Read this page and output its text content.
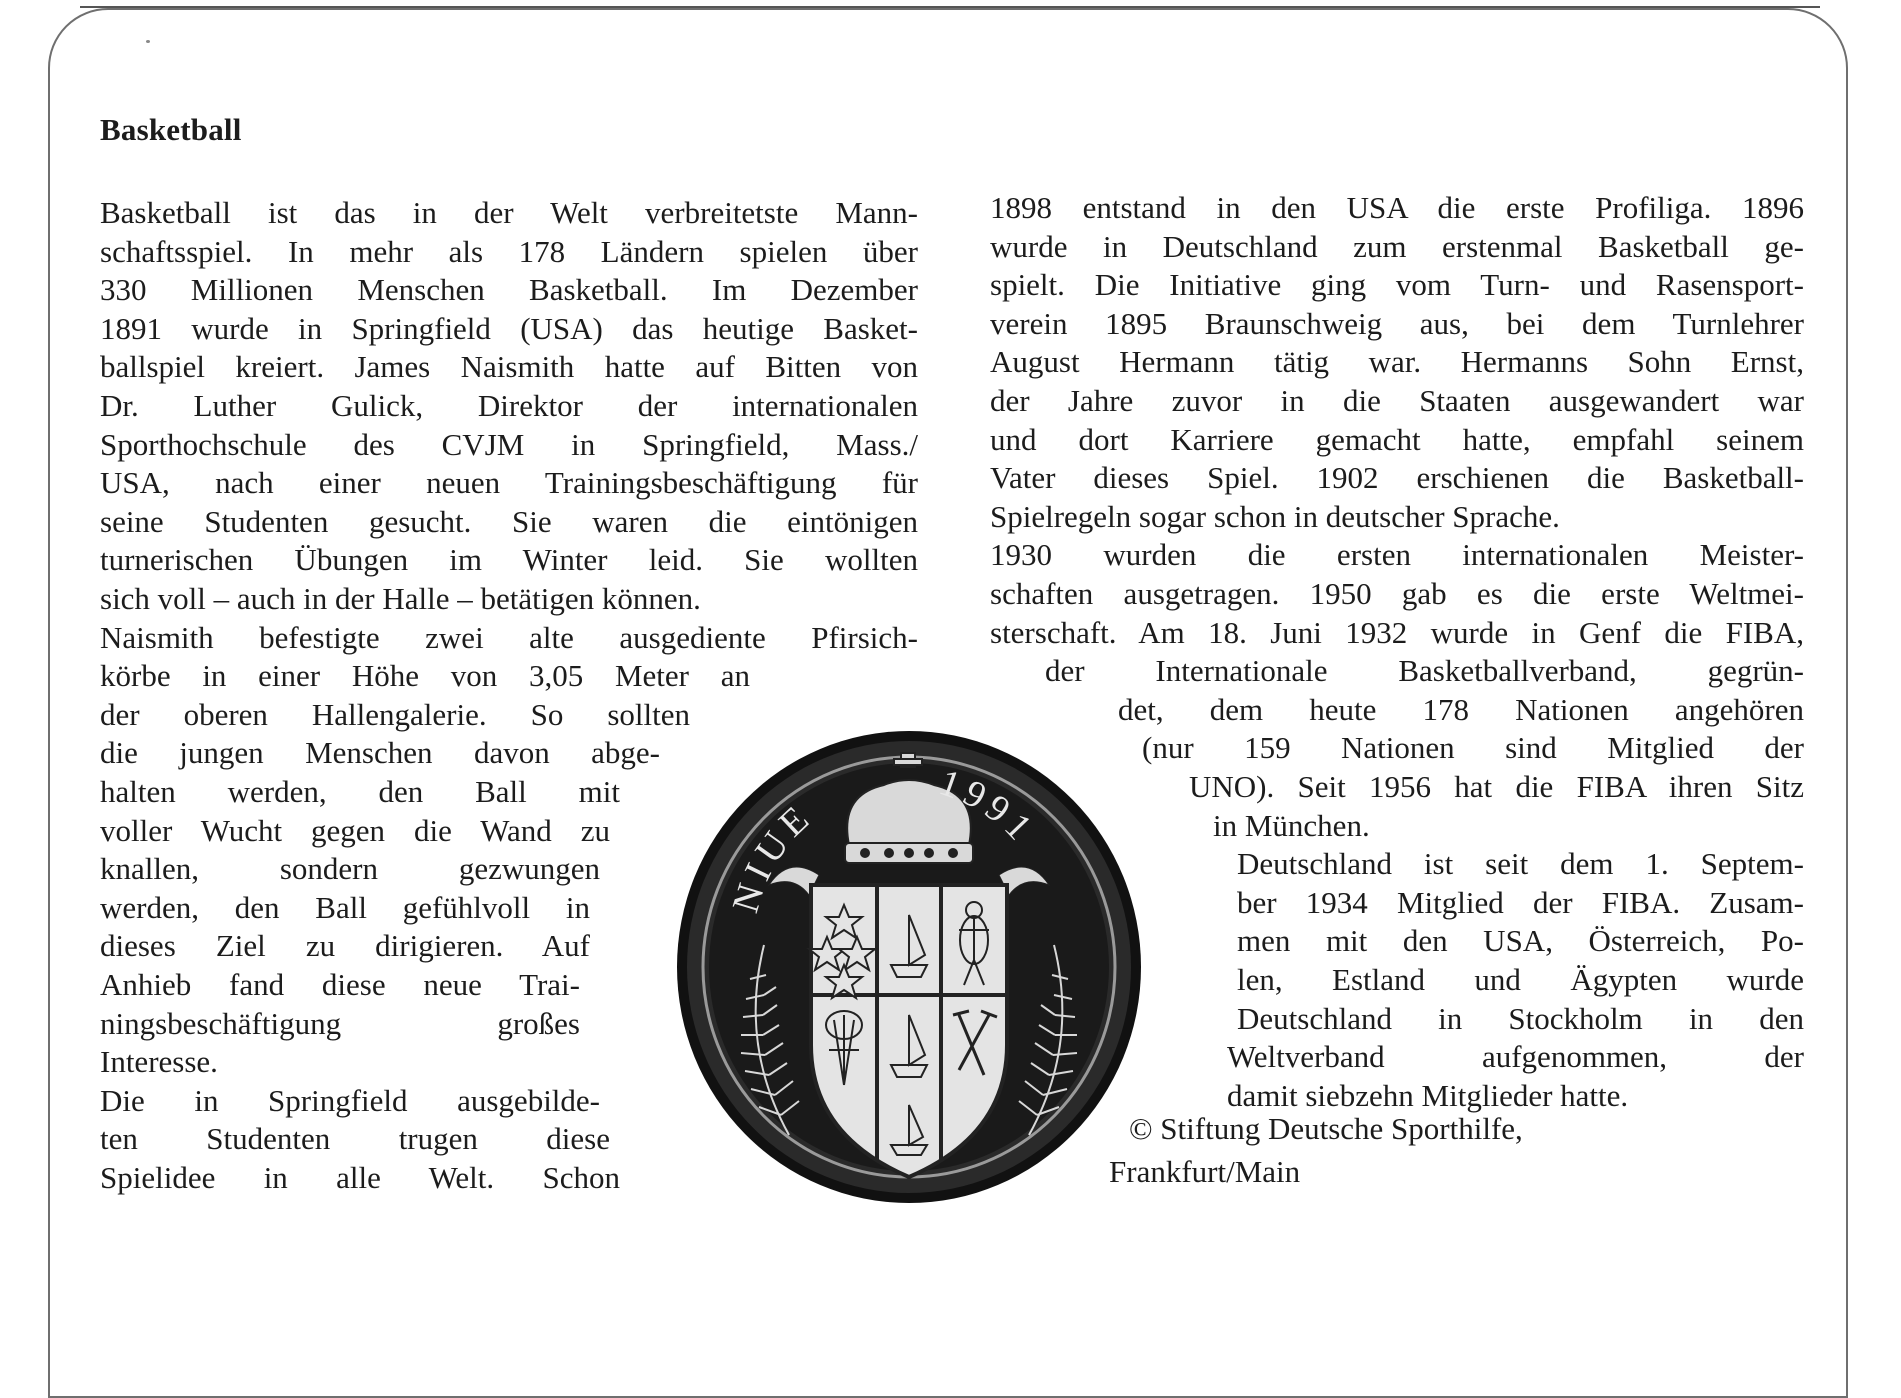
Basketball
Basketball ist das in der Welt verbreitetste Mann-
schaftsspiel. In mehr als 178 Ländern spielen über
330 Millionen Menschen Basketball. Im Dezember
1891 wurde in Springfield (USA) das heutige Basket-
ballspiel kreiert. James Naismith hatte auf Bitten von
Dr. Luther Gulick, Direktor der internationalen
Sporthochschule des CVJM in Springfield, Mass./
USA, nach einer neuen Trainingsbeschäftigung für
seine Studenten gesucht. Sie waren die eintönigen
turnerischen Übungen im Winter leid. Sie wollten
sich voll – auch in der Halle – betätigen können.
Naismith befestigte zwei alte ausgediente Pfirsich-
körbe in einer Höhe von 3,05 Meter an
der oberen Hallengalerie. So sollten
die jungen Menschen davon abge-
halten werden, den Ball mit
voller Wucht gegen die Wand zu
knallen, sondern gezwungen
werden, den Ball gefühlvoll in
dieses Ziel zu dirigieren. Auf
Anhieb fand diese neue Trai-
ningsbeschäftigung großes
Interesse.
Die in Springfield ausgebilde-
ten Studenten trugen diese
Spielidee in alle Welt. Schon
1898 entstand in den USA die erste Profiliga. 1896
wurde in Deutschland zum erstenmal Basketball ge-
spielt. Die Initiative ging vom Turn- und Rasensport-
verein 1895 Braunschweig aus, bei dem Turnlehrer
August Hermann tätig war. Hermanns Sohn Ernst,
der Jahre zuvor in die Staaten ausgewandert war
und dort Karriere gemacht hatte, empfahl seinem
Vater dieses Spiel. 1902 erschienen die Basketball-
Spielregeln sogar schon in deutscher Sprache.
1930 wurden die ersten internationalen Meister-
schaften ausgetragen. 1950 gab es die erste Weltmei-
sterschaft. Am 18. Juni 1932 wurde in Genf die FIBA,
der Internationale Basketballverband, gegrün-
det, dem heute 178 Nationen angehören
(nur 159 Nationen sind Mitglied der
UNO). Seit 1956 hat die FIBA ihren Sitz
in München.
Deutschland ist seit dem 1. Septem-
ber 1934 Mitglied der FIBA. Zusam-
men mit den USA, Österreich, Po-
len, Estland und Ägypten wurde
Deutschland in Stockholm in den
Weltverband aufgenommen, der
damit siebzehn Mitglieder hatte.
NIUE
1991
© Stiftung Deutsche Sporthilfe,
Frankfurt/Main
